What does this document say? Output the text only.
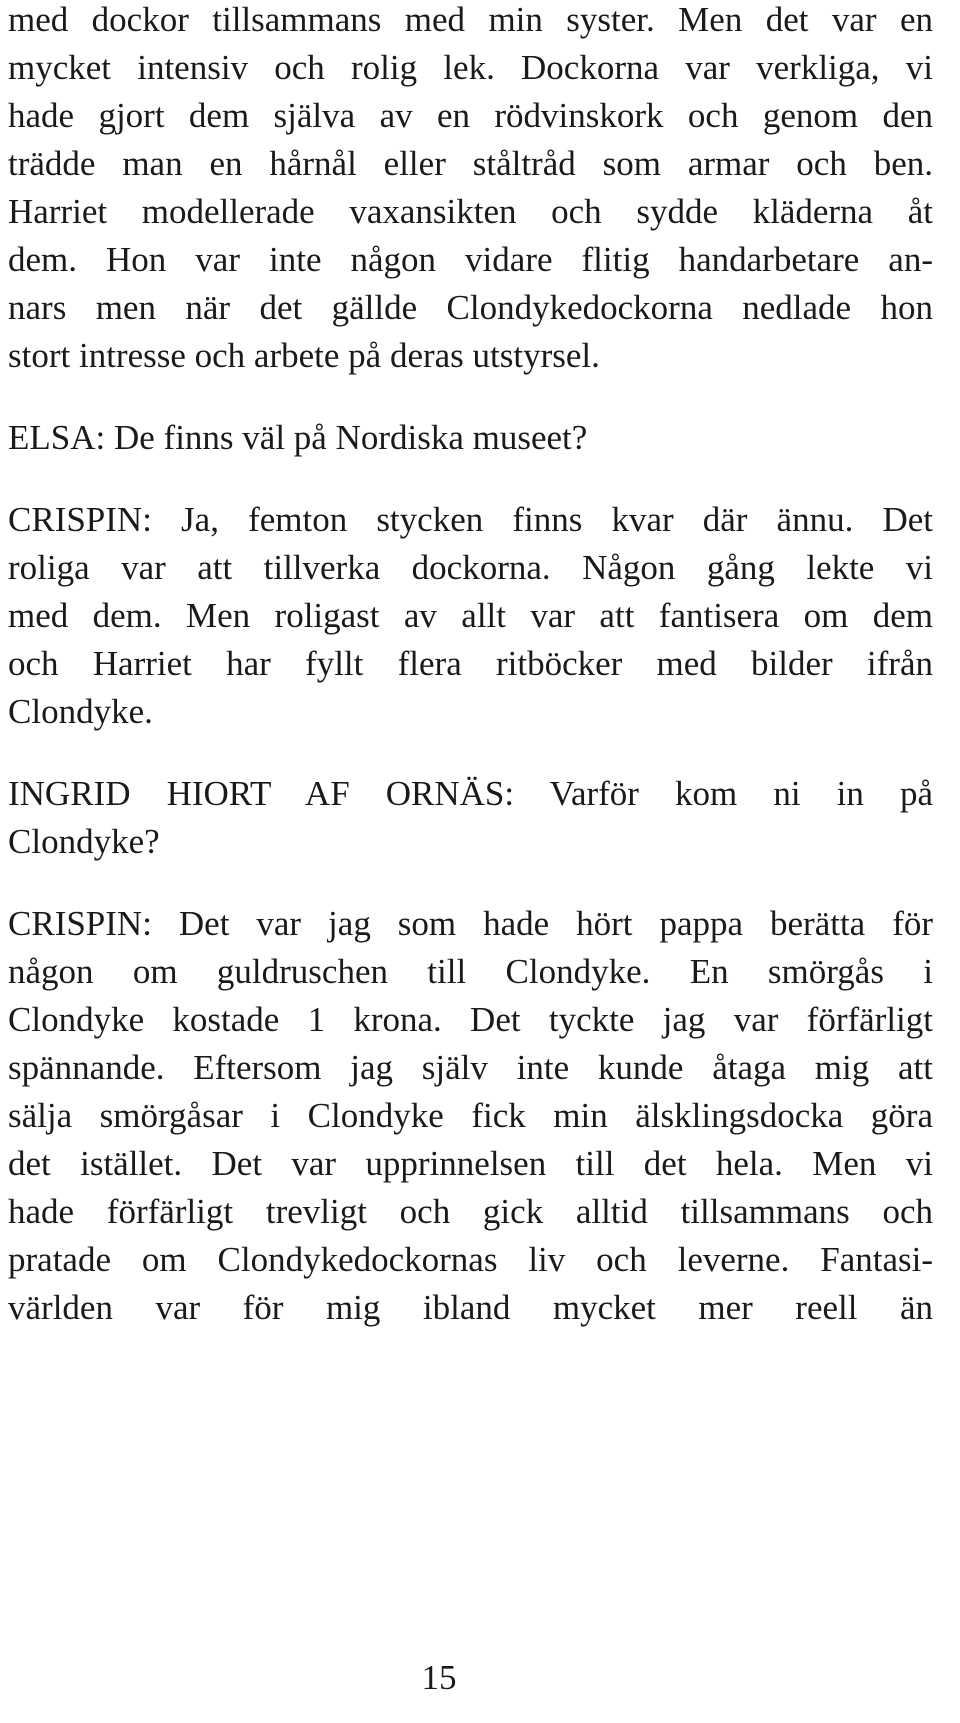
med dockor tillsammans med min syster. Men det var en
mycket intensiv och rolig lek. Dockorna var verkliga, vi
hade gjort dem själva av en rödvinskork och genom den
trädde man en hårnål eller ståltråd som armar och ben.
Harriet modellerade vaxansikten och sydde kläderna åt
dem. Hon var inte någon vidare flitig handarbetare an-
nars men när det gällde Clondykedockorna nedlade hon
stort intresse och arbete på deras utstyrsel.
ELSA: De finns väl på Nordiska museet?
CRISPIN: Ja, femton stycken finns kvar där ännu. Det
roliga var att tillverka dockorna. Någon gång lekte vi
med dem. Men roligast av allt var att fantisera om dem
och Harriet har fyllt flera ritböcker med bilder ifrån
Clondyke.
INGRID HIORT AF ORNÄS: Varför kom ni in på
Clondyke?
CRISPIN: Det var jag som hade hört pappa berätta för
någon om guldruschen till Clondyke. En smörgås i
Clondyke kostade 1 krona. Det tyckte jag var förfärligt
spännande. Eftersom jag själv inte kunde åtaga mig att
sälja smörgåsar i Clondyke fick min älsklingsdocka göra
det istället. Det var upprinnelsen till det hela. Men vi
hade förfärligt trevligt och gick alltid tillsammans och
pratade om Clondykedockornas liv och leverne. Fantasi-
världen var för mig ibland mycket mer reell än
15
